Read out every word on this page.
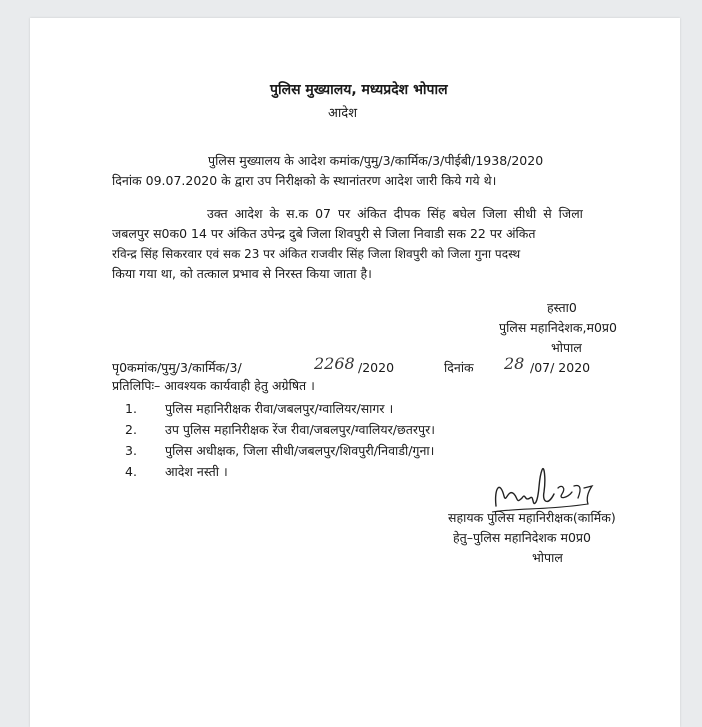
पुलिस मुख्यालय, मध्यप्रदेश भोपाल
आदेश
पुलिस मुख्यालय के आदेश कमांक/पुमु/3/कार्मिक/3/पीईबी/1938/2020
दिनांक 09.07.2020 के द्वारा उप निरीक्षको के स्थानांतरण आदेश जारी किये गये थे।
उक्त आदेश के स.क 07 पर अंकित दीपक सिंह बघेल जिला सीधी से जिला
जबलपुर स0क0 14 पर अंकित उपेन्द्र दुबे जिला शिवपुरी से जिला निवाडी सक 22 पर अंकित
रविन्द्र सिंह सिकरवार एवं सक 23 पर अंकित राजवीर सिंह जिला शिवपुरी को जिला गुना पदस्थ
किया गया था, को तत्काल प्रभाव से निरस्त किया जाता है।
हस्ता0
पुलिस महानिदेशक,म0प्र0
भोपाल
पृ0कमांक/पुमु/3/कार्मिक/3/	2268 /2020	दिनांक 28 /07/ 2020
प्रतिलिपिः– आवश्यक कार्यवाही हेतु अग्रेषित ।
1. पुलिस महानिरीक्षक रीवा/जबलपुर/ग्वालियर/सागर ।
2. उप पुलिस महानिरीक्षक रेंज रीवा/जबलपुर/ग्वालियर/छतरपुर।
3. पुलिस अधीक्षक, जिला सीधी/जबलपुर/शिवपुरी/निवाडी/गुना।
4. आदेश नस्ती ।
सहायक पुलिस महानिरीक्षक(कार्मिक)
हेतु–पुलिस महानिदेशक म0प्र0
भोपाल
